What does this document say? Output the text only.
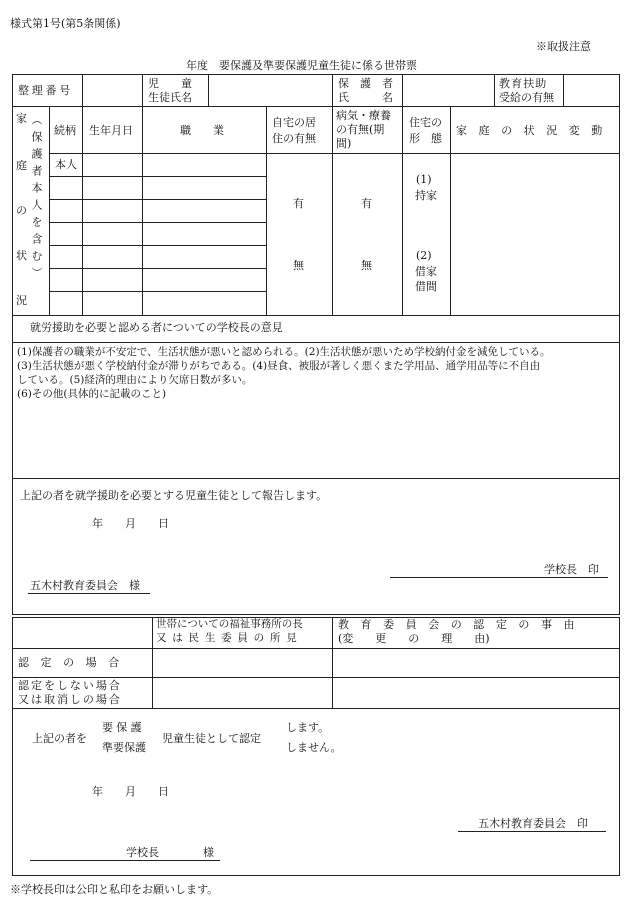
様式第1号(第5条関係)
※取扱注意
年度　要保護及準要保護児童生徒に係る世帯票
整理番号
児　　童
生徒氏名
保　護　者
氏　　　名
教育扶助
受給の有無
家 （保護者本人を含む）
庭
の
状
況
続柄 生年月日	職　　業
自宅の居
住の有無
病気・療養
の有無(期
間)
住宅の
形　態
家庭の状況変動
本人
有
無
有
無
(1)
持家
(2)
借家
借間
就労援助を必要と認める者についての学校長の意見
(1)保護者の職業が不安定で、生活状態が悪いと認められる。(2)生活状態が悪いため学校納付金を減免している。
(3)生活状態が悪く学校納付金が滞りがちである。(4)昼食、被服が著しく悪くまた学用品、通学用品等に不自由
している。(5)経済的理由により欠席日数が多い。
(6)その他(具体的に記載のこと)
上記の者を就学援助を必要とする児童生徒として報告します。
年　　月　　日
学校長　印
五木村教育委員会　様
世帯についての福祉事務所の長
又は民生委員の所見
教育委員会の認定の事由
(変　　更　　の　　理　　由)
認定の場合
認定をしない場合
又は取消しの場合
上記の者を
要保護
準要保護
児童生徒として認定
します。
しません。
年　　月　　日
五木村教育委員会　印
学校長　　　　様
※学校長印は公印と私印をお願いします。
